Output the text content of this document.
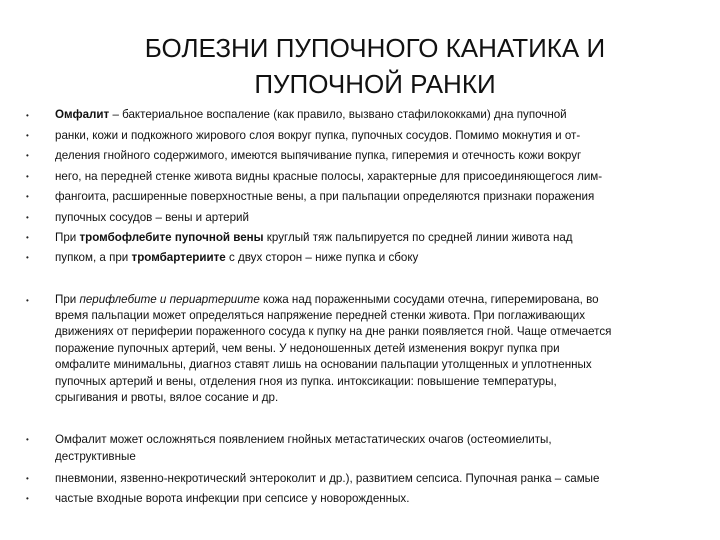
БОЛЕЗНИ ПУПОЧНОГО КАНАТИКА И
ПУПОЧНОЙ РАНКИ
•
•
•
•
•
•
•
•
Омфалит – бактериальное воспаление (как правило, вызвано стафилококками) дна пупочной
ранки, кожи и подкожного жирового слоя вокруг пупка, пупочных сосудов. Помимо мокнутия и от-
деления гнойного содержимого, имеются выпячивание пупка, гиперемия и отечность кожи вокруг
него, на передней стенке живота видны красные полосы, характерные для присоединяющегося лим-
фангоита, расширенные поверхностные вены, а при пальпации определяются признаки поражения
пупочных сосудов – вены и артерий
При тромбофлебите пупочной вены круглый тяж пальпируется по средней линии живота над
пупком, а при тромбартериите с двух сторон – ниже пупка и сбоку
• При перифлебите и периартериите кожа над пораженными сосудами отечна, гиперемирована, во
время пальпации может определяться напряжение передней стенки живота. При поглаживающих
движениях от периферии пораженного сосуда к пупку на дне ранки появляется гной. Чаще отмечается
поражение пупочных артерий, чем вены. У недоношенных детей изменения вокруг пупка при
омфалите минимальны, диагноз ставят лишь на основании пальпации утолщенных и уплотненных
пупочных артерий и вены, отделения гноя из пупка. интоксикации: повышение температуры,
срыгивания и рвоты, вялое сосание и др.
•
•
•
Омфалит может осложняться появлением гнойных метастатических очагов (остеомиелиты,
деструктивные
пневмонии, язвенно-некротический энтероколит и др.), развитием сепсиса. Пупочная ранка – самые
частые входные ворота инфекции при сепсисе у новорожденных.
